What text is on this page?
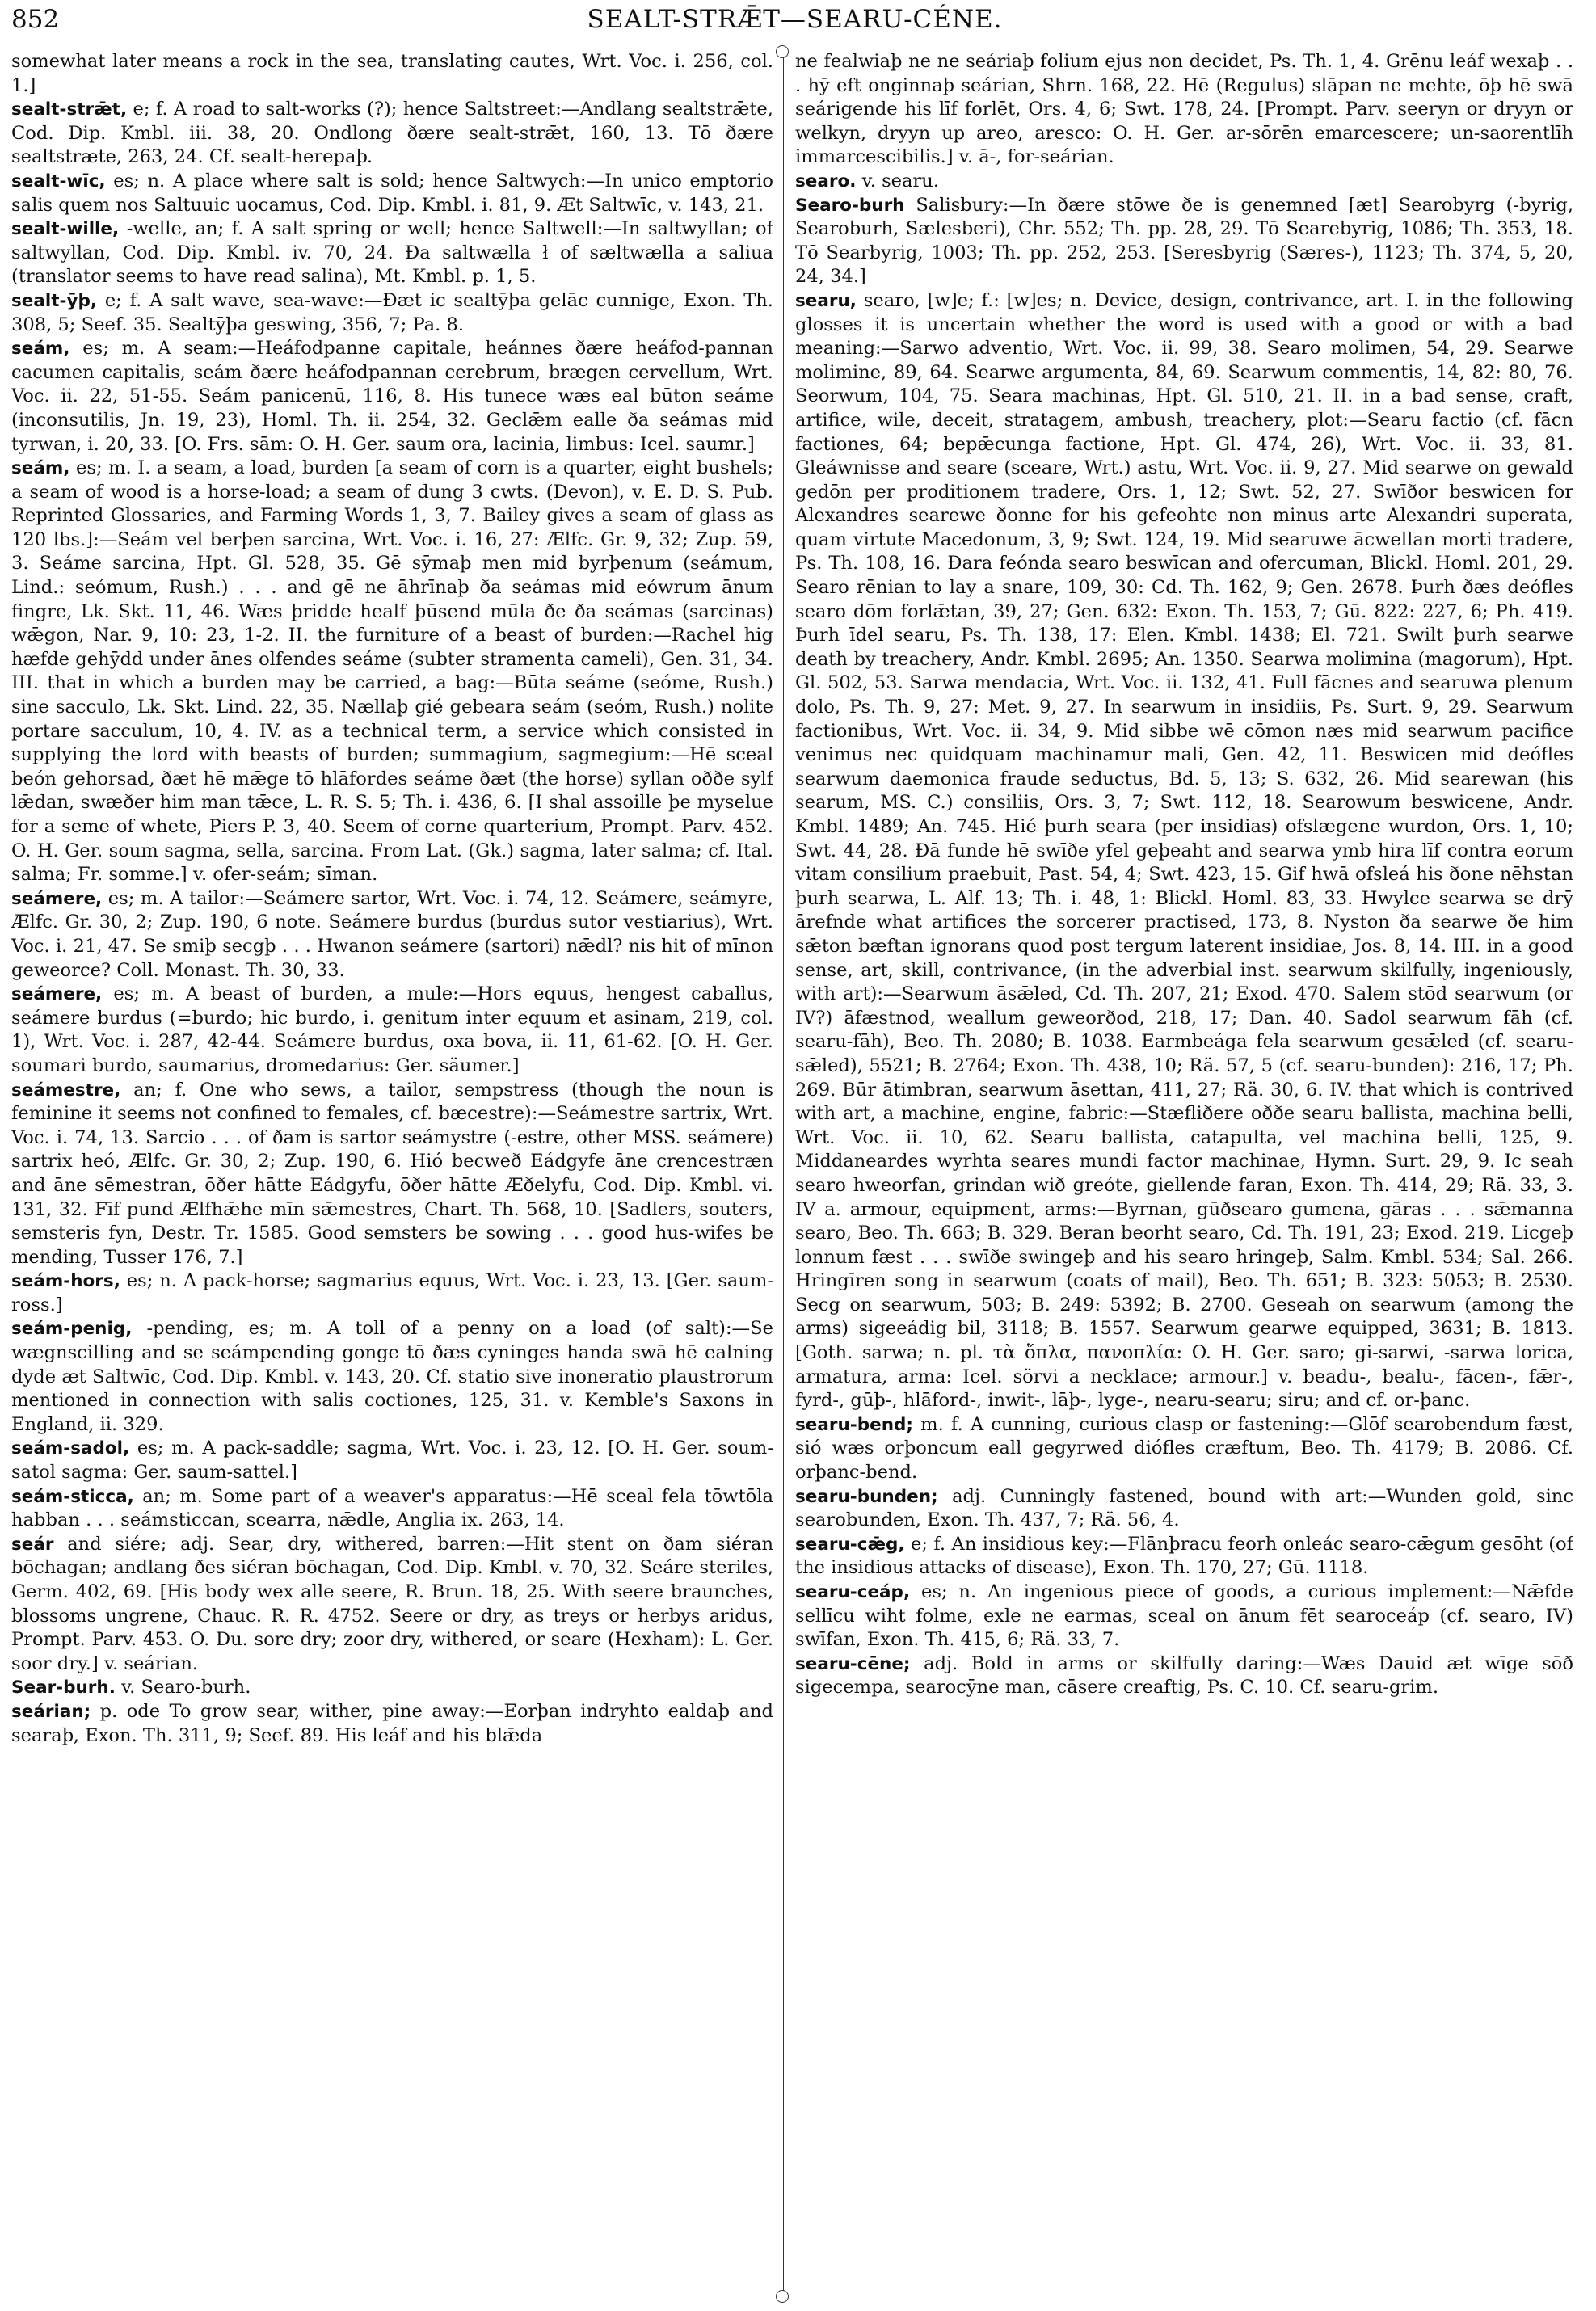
852	SEALT-STRǢT—SEARU-CÉNE.

somewhat later means a rock in the sea, translating cautes, Wrt. Voc. i. 256, col. 1.]

sealt-strǣt, e; f. A road to salt-works (?); hence Saltstreet:—Andlang sealtstrǣte, Cod. Dip. Kmbl. iii. 38, 20. Ondlong ðære sealt-strǣt, 160, 13. Tō ðære sealtstræte, 263, 24. Cf. sealt-herepaþ.

sealt-wīc, es; n. A place where salt is sold; hence Saltwych:—In unico emptorio salis quem nos Saltuuic uocamus, Cod. Dip. Kmbl. i. 81, 9. Æt Saltwīc, v. 143, 21.

sealt-wille, -welle, an; f. A salt spring or well; hence Saltwell:—In saltwyllan; of saltwyllan, Cod. Dip. Kmbl. iv. 70, 24. Ða saltwælla ł of sæltwælla a saliua (translator seems to have read salina), Mt. Kmbl. p. 1, 5.

sealt-ȳþ, e; f. A salt wave, sea-wave:—Ðæt ic sealtȳþa gelāc cunnige, Exon. Th. 308, 5; Seef. 35. Sealtȳþa geswing, 356, 7; Pa. 8.

seám, es; m. A seam:—Heáfodpanne capitale, heánnes ðære heáfod-pannan cacumen capitalis, seám ðære heáfodpannan cerebrum, brægen cervellum, Wrt. Voc. ii. 22, 51-55. Seám panicenū, 116, 8. His tunece wæs eal būton seáme (inconsutilis, Jn. 19, 23), Homl. Th. ii. 254, 32. Geclǣm ealle ða seámas mid tyrwan, i. 20, 33. [O. Frs. sām: O. H. Ger. saum ora, lacinia, limbus: Icel. saumr.]

seám, es; m. I. a seam, a load, burden [a seam of corn is a quarter, eight bushels; a seam of wood is a horse-load; a seam of dung 3 cwts. (Devon), v. E. D. S. Pub. Reprinted Glossaries, and Farming Words 1, 3, 7. Bailey gives a seam of glass as 120 lbs.]:—Seám vel berþen sarcina, Wrt. Voc. i. 16, 27: Ælfc. Gr. 9, 32; Zup. 59, 3. Seáme sarcina, Hpt. Gl. 528, 35. Gē sȳmaþ men mid byrþenum (seámum, Lind.: seómum, Rush.) . . . and gē ne āhrīnaþ ða seámas mid eówrum ānum fingre, Lk. Skt. 11, 46. Wæs þridde healf þūsend mūla ðe ða seámas (sarcinas) wǣgon, Nar. 9, 10: 23, 1-2. II. the furniture of a beast of burden:—Rachel hig hæfde gehȳdd under ānes olfendes seáme (subter stramenta cameli), Gen. 31, 34. III. that in which a burden may be carried, a bag:—Būta seáme (seóme, Rush.) sine sacculo, Lk. Skt. Lind. 22, 35. Nællaþ gié gebeara seám (seóm, Rush.) nolite portare sacculum, 10, 4. IV. as a technical term, a service which consisted in supplying the lord with beasts of burden; summagium, sagmegium:—Hē sceal beón gehorsad, ðæt hē mǣge tō hlāfordes seáme ðæt (the horse) syllan oððe sylf lǣdan, swæðer him man tǣce, L. R. S. 5; Th. i. 436, 6. [I shal assoille þe myselue for a seme of whete, Piers P. 3, 40. Seem of corne quarterium, Prompt. Parv. 452. O. H. Ger. soum sagma, sella, sarcina. From Lat. (Gk.) sagma, later salma; cf. Ital. salma; Fr. somme.] v. ofer-seám; sīman.

seámere, es; m. A tailor:—Seámere sartor, Wrt. Voc. i. 74, 12. Seámere, seámyre, Ælfc. Gr. 30, 2; Zup. 190, 6 note. Seámere burdus (burdus sutor vestiarius), Wrt. Voc. i. 21, 47. Se smiþ secgþ . . . Hwanon seámere (sartori) nǣdl? nis hit of mīnon geweorce? Coll. Monast. Th. 30, 33.

seámere, es; m. A beast of burden, a mule:—Hors equus, hengest caballus, seámere burdus (=burdo; hic burdo, i. genitum inter equum et asinam, 219, col. 1), Wrt. Voc. i. 287, 42-44. Seámere burdus, oxa bova, ii. 11, 61-62. [O. H. Ger. soumari burdo, saumarius, dromedarius: Ger. säumer.]

seámestre, an; f. One who sews, a tailor, sempstress (though the noun is feminine it seems not confined to females, cf. bæcestre):—Seámestre sartrix, Wrt. Voc. i. 74, 13. Sarcio . . . of ðam is sartor seámystre (-estre, other MSS. seámere) sartrix heó, Ælfc. Gr. 30, 2; Zup. 190, 6. Hió becweð Eádgyfe āne crencestræn and āne sēmestran, ōðer hātte Eádgyfu, ōðer hātte Æðelyfu, Cod. Dip. Kmbl. vi. 131, 32. Fīf pund Ælfhǣhe mīn sǣmestres, Chart. Th. 568, 10. [Sadlers, souters, semsteris fyn, Destr. Tr. 1585. Good semsters be sowing . . . good hus-wifes be mending, Tusser 176, 7.]

seám-hors, es; n. A pack-horse; sagmarius equus, Wrt. Voc. i. 23, 13. [Ger. saum-ross.]

seám-penig, -pending, es; m. A toll of a penny on a load (of salt):—Se wægnscilling and se seámpending gonge tō ðæs cyninges handa swā hē ealning dyde æt Saltwīc, Cod. Dip. Kmbl. v. 143, 20. Cf. statio sive inoneratio plaustrorum mentioned in connection with salis coctiones, 125, 31. v. Kemble's Saxons in England, ii. 329.

seám-sadol, es; m. A pack-saddle; sagma, Wrt. Voc. i. 23, 12. [O. H. Ger. soum-satol sagma: Ger. saum-sattel.]

seám-sticca, an; m. Some part of a weaver's apparatus:—Hē sceal fela tōwtōla habban . . . seámsticcan, scearra, nǣdle, Anglia ix. 263, 14.

seár and siére; adj. Sear, dry, withered, barren:—Hit stent on ðam siéran bōchagan; andlang ðes siéran bōchagan, Cod. Dip. Kmbl. v. 70, 32. Seáre steriles, Germ. 402, 69. [His body wex alle seere, R. Brun. 18, 25. With seere braunches, blossoms ungrene, Chauc. R. R. 4752. Seere or dry, as treys or herbys aridus, Prompt. Parv. 453. O. Du. sore dry; zoor dry, withered, or seare (Hexham): L. Ger. soor dry.] v. seárian.

Sear-burh. v. Searo-burh.

seárian; p. ode To grow sear, wither, pine away:—Eorþan indryhto ealdaþ and searaþ, Exon. Th. 311, 9; Seef. 89. His leáf and his blǣda

ne fealwiaþ ne ne seáriaþ folium ejus non decidet, Ps. Th. 1, 4. Grēnu leáf wexaþ . . . hȳ eft onginnaþ seárian, Shrn. 168, 22. Hē (Regulus) slāpan ne mehte, ōþ hē swā seárigende his līf forlēt, Ors. 4, 6; Swt. 178, 24. [Prompt. Parv. seeryn or dryyn or welkyn, dryyn up areo, aresco: O. H. Ger. ar-sōrēn emarcescere; un-saorentlīh immarcescibilis.] v. ā-, for-seárian.

searo. v. searu.

Searo-burh Salisbury:—In ðære stōwe ðe is genemned [æt] Searobyrg (-byrig, Searoburh, Sælesberi), Chr. 552; Th. pp. 28, 29. Tō Searebyrig, 1086; Th. 353, 18. Tō Searbyrig, 1003; Th. pp. 252, 253. [Seresbyrig (Særes-), 1123; Th. 374, 5, 20, 24, 34.]

searu, searo, [w]e; f.: [w]es; n. Device, design, contrivance, art. I. in the following glosses it is uncertain whether the word is used with a good or with a bad meaning:—Sarwo adventio, Wrt. Voc. ii. 99, 38. Searo molimen, 54, 29. Searwe molimine, 89, 64. Searwe argumenta, 84, 69. Searwum commentis, 14, 82: 80, 76. Seorwum, 104, 75. Seara machinas, Hpt. Gl. 510, 21. II. in a bad sense, craft, artifice, wile, deceit, stratagem, ambush, treachery, plot:—Searu factio (cf. fācn factiones, 64; bepǣcunga factione, Hpt. Gl. 474, 26), Wrt. Voc. ii. 33, 81. Gleáwnisse and seare (sceare, Wrt.) astu, Wrt. Voc. ii. 9, 27. Mid searwe on gewald gedōn per proditionem tradere, Ors. 1, 12; Swt. 52, 27. Swīðor beswicen for Alexandres searewe ðonne for his gefeohte non minus arte Alexandri superata, quam virtute Macedonum, 3, 9; Swt. 124, 19. Mid searuwe ācwellan morti tradere, Ps. Th. 108, 16. Ðara feónda searo beswīcan and ofercuman, Blickl. Homl. 201, 29. Searo rēnian to lay a snare, 109, 30: Cd. Th. 162, 9; Gen. 2678. Þurh ðæs deófles searo dōm forlǣtan, 39, 27; Gen. 632: Exon. Th. 153, 7; Gū. 822: 227, 6; Ph. 419. Þurh īdel searu, Ps. Th. 138, 17: Elen. Kmbl. 1438; El. 721. Swilt þurh searwe death by treachery, Andr. Kmbl. 2695; An. 1350. Searwa molimina (magorum), Hpt. Gl. 502, 53. Sarwa mendacia, Wrt. Voc. ii. 132, 41. Full fācnes and searuwa plenum dolo, Ps. Th. 9, 27: Met. 9, 27. In searwum in insidiis, Ps. Surt. 9, 29. Searwum factionibus, Wrt. Voc. ii. 34, 9. Mid sibbe wē cōmon næs mid searwum pacifice venimus nec quidquam machinamur mali, Gen. 42, 11. Beswicen mid deófles searwum daemonica fraude seductus, Bd. 5, 13; S. 632, 26. Mid searewan (his searum, MS. C.) consiliis, Ors. 3, 7; Swt. 112, 18. Searowum beswicene, Andr. Kmbl. 1489; An. 745. Hié þurh seara (per insidias) ofslægene wurdon, Ors. 1, 10; Swt. 44, 28. Ðā funde hē swīðe yfel geþeaht and searwa ymb hira līf contra eorum vitam consilium praebuit, Past. 54, 4; Swt. 423, 15. Gif hwā ofsleá his ðone nēhstan þurh searwa, L. Alf. 13; Th. i. 48, 1: Blickl. Homl. 83, 33. Hwylce searwa se drȳ ārefnde what artifices the sorcerer practised, 173, 8. Nyston ða searwe ðe him sǣton bæftan ignorans quod post tergum laterent insidiae, Jos. 8, 14. III. in a good sense, art, skill, contrivance, (in the adverbial inst. searwum skilfully, ingeniously, with art):—Searwum āsǣled, Cd. Th. 207, 21; Exod. 470. Salem stōd searwum (or IV?) āfæstnod, weallum geweorðod, 218, 17; Dan. 40. Sadol searwum fāh (cf. searu-fāh), Beo. Th. 2080; B. 1038. Earmbeága fela searwum gesǣled (cf. searu-sǣled), 5521; B. 2764; Exon. Th. 438, 10; Rä. 57, 5 (cf. searu-bunden): 216, 17; Ph. 269. Būr ātimbran, searwum āsettan, 411, 27; Rä. 30, 6. IV. that which is contrived with art, a machine, engine, fabric:—Stæfliðere oððe searu ballista, machina belli, Wrt. Voc. ii. 10, 62. Searu ballista, catapulta, vel machina belli, 125, 9. Middaneardes wyrhta seares mundi factor machinae, Hymn. Surt. 29, 9. Ic seah searo hweorfan, grindan wið greóte, giellende faran, Exon. Th. 414, 29; Rä. 33, 3. IV a. armour, equipment, arms:—Byrnan, gūðsearo gumena, gāras . . . sǣmanna searo, Beo. Th. 663; B. 329. Beran beorht searo, Cd. Th. 191, 23; Exod. 219. Licgeþ lonnum fæst . . . swīðe swingeþ and his searo hringeþ, Salm. Kmbl. 534; Sal. 266. Hringīren song in searwum (coats of mail), Beo. Th. 651; B. 323: 5053; B. 2530. Secg on searwum, 503; B. 249: 5392; B. 2700. Geseah on searwum (among the arms) sigeeádig bil, 3118; B. 1557. Searwum gearwe equipped, 3631; B. 1813. [Goth. sarwa; n. pl. τὰ ὅπλα, πανοπλία: O. H. Ger. saro; gi-sarwi, -sarwa lorica, armatura, arma: Icel. sörvi a necklace; armour.] v. beadu-, bealu-, fācen-, fǣr-, fyrd-, gūþ-, hlāford-, inwit-, lāþ-, lyge-, nearu-searu; siru; and cf. or-þanc.

searu-bend; m. f. A cunning, curious clasp or fastening:—Glōf searobendum fæst, sió wæs orþoncum eall gegyrwed diófles cræftum, Beo. Th. 4179; B. 2086. Cf. orþanc-bend.

searu-bunden; adj. Cunningly fastened, bound with art:—Wunden gold, sinc searobunden, Exon. Th. 437, 7; Rä. 56, 4.

searu-cǣg, e; f. An insidious key:—Flānþracu feorh onleác searo-cǣgum gesōht (of the insidious attacks of disease), Exon. Th. 170, 27; Gū. 1118.

searu-ceáp, es; n. An ingenious piece of goods, a curious implement:—Nǣfde sellīcu wiht folme, exle ne earmas, sceal on ānum fēt searoceáp (cf. searo, IV) swīfan, Exon. Th. 415, 6; Rä. 33, 7.

searu-cēne; adj. Bold in arms or skilfully daring:—Wæs Dauid æt wīge sōð sigecempa, searocȳne man, cāsere creaftig, Ps. C. 10. Cf. searu-grim.
